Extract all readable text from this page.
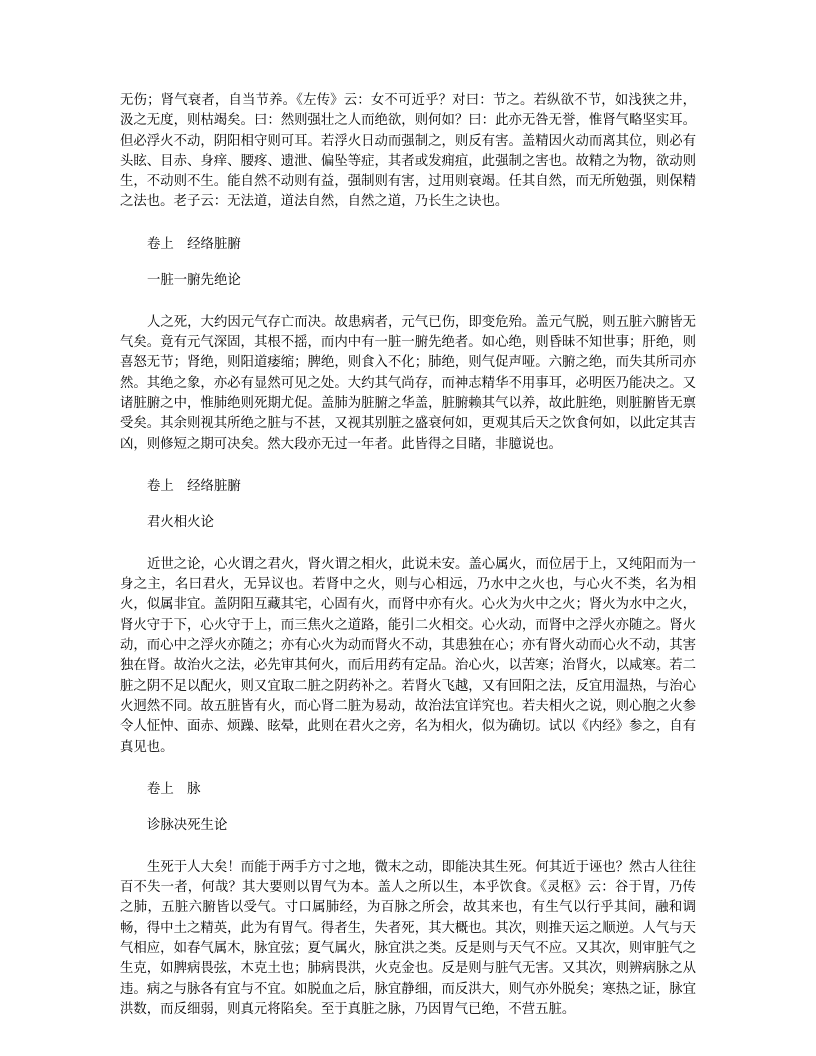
无伤；肾气衰者，自当节养。《左传》云：女不可近乎？对曰：节之。若纵欲不节，如浅狭之井，汲之无度，则枯竭矣。曰：然则强壮之人而绝欲，则何如？曰：此亦无咎无誉，惟肾气略坚实耳。但必浮火不动，阴阳相守则可耳。若浮火日动而强制之，则反有害。盖精因火动而离其位，则必有头眩、目赤、身痒、腰疼、遗泄、偏坠等症，其者或发痈疽，此强制之害也。故精之为物，欲动则生，不动则不生。能自然不动则有益，强制则有害，过用则衰竭。任其自然，而无所勉强，则保精之法也。老子云：无法道，道法自然，自然之道，乃长生之诀也。

卷上　经络脏腑

一脏一腑先绝论

人之死，大约因元气存亡而决。故患病者，元气已伤，即变危殆。盖元气脱，则五脏六腑皆无气矣。竟有元气深固，其根不摇，而内中有一脏一腑先绝者。如心绝，则昏昧不知世事；肝绝，则喜怒无节；肾绝，则阳道痿缩；脾绝，则食入不化；肺绝，则气促声哑。六腑之绝，而失其所司亦然。其绝之象，亦必有显然可见之处。大约其气尚存，而神志精华不用事耳，必明医乃能决之。又诸脏腑之中，惟肺绝则死期尤促。盖肺为脏腑之华盖，脏腑赖其气以养，故此脏绝，则脏腑皆无禀受矣。其余则视其所绝之脏与不甚，又视其别脏之盛衰何如，更观其后天之饮食何如，以此定其吉凶，则修短之期可决矣。然大段亦无过一年者。此皆得之目睹，非臆说也。

卷上　经络脏腑

君火相火论

近世之论，心火谓之君火，肾火谓之相火，此说未安。盖心属火，而位居于上，又纯阳而为一身之主，名曰君火，无异议也。若肾中之火，则与心相远，乃水中之火也，与心火不类，名为相火，似属非宜。盖阴阳互藏其宅，心固有火，而肾中亦有火。心火为火中之火；肾火为水中之火，肾火守于下，心火守于上，而三焦火之道路，能引二火相交。心火动，而肾中之浮火亦随之。肾火动，而心中之浮火亦随之；亦有心火为动而肾火不动，其患独在心；亦有肾火动而心火不动，其害独在肾。故治火之法，必先审其何火，而后用药有定品。治心火，以苦寒；治肾火，以咸寒。若二脏之阴不足以配火，则又宜取二脏之阴药补之。若肾火飞越，又有回阳之法，反宜用温热，与治心火迥然不同。故五脏皆有火，而心肾二脏为易动，故治法宜详究也。若夫相火之说，则心胞之火参令人怔忡、面赤、烦躁、眩晕，此则在君火之旁，名为相火，似为确切。试以《内经》参之，自有真见也。

卷上　脉

诊脉决死生论

生死于人大矣！而能于两手方寸之地，微末之动，即能决其生死。何其近于诬也？然古人往往百不失一者，何哉？其大要则以胃气为本。盖人之所以生，本乎饮食。《灵枢》云：谷于胃，乃传之肺，五脏六腑皆以受气。寸口属肺经，为百脉之所会，故其来也，有生气以行乎其间，融和调畅，得中土之精英，此为有胃气。得者生，失者死，其大概也。其次，则推天运之顺逆。人气与天气相应，如春气属木，脉宜弦；夏气属火，脉宜洪之类。反是则与天气不应。又其次，则审脏气之生克，如脾病畏弦，木克土也；肺病畏洪，火克金也。反是则与脏气无害。又其次，则辨病脉之从违。病之与脉各有宜与不宜。如脱血之后，脉宜静细，而反洪大，则气亦外脱矣；寒热之证，脉宜洪数，而反细弱，则真元将陷矣。至于真脏之脉，乃因胃气已绝，不营五脏。
